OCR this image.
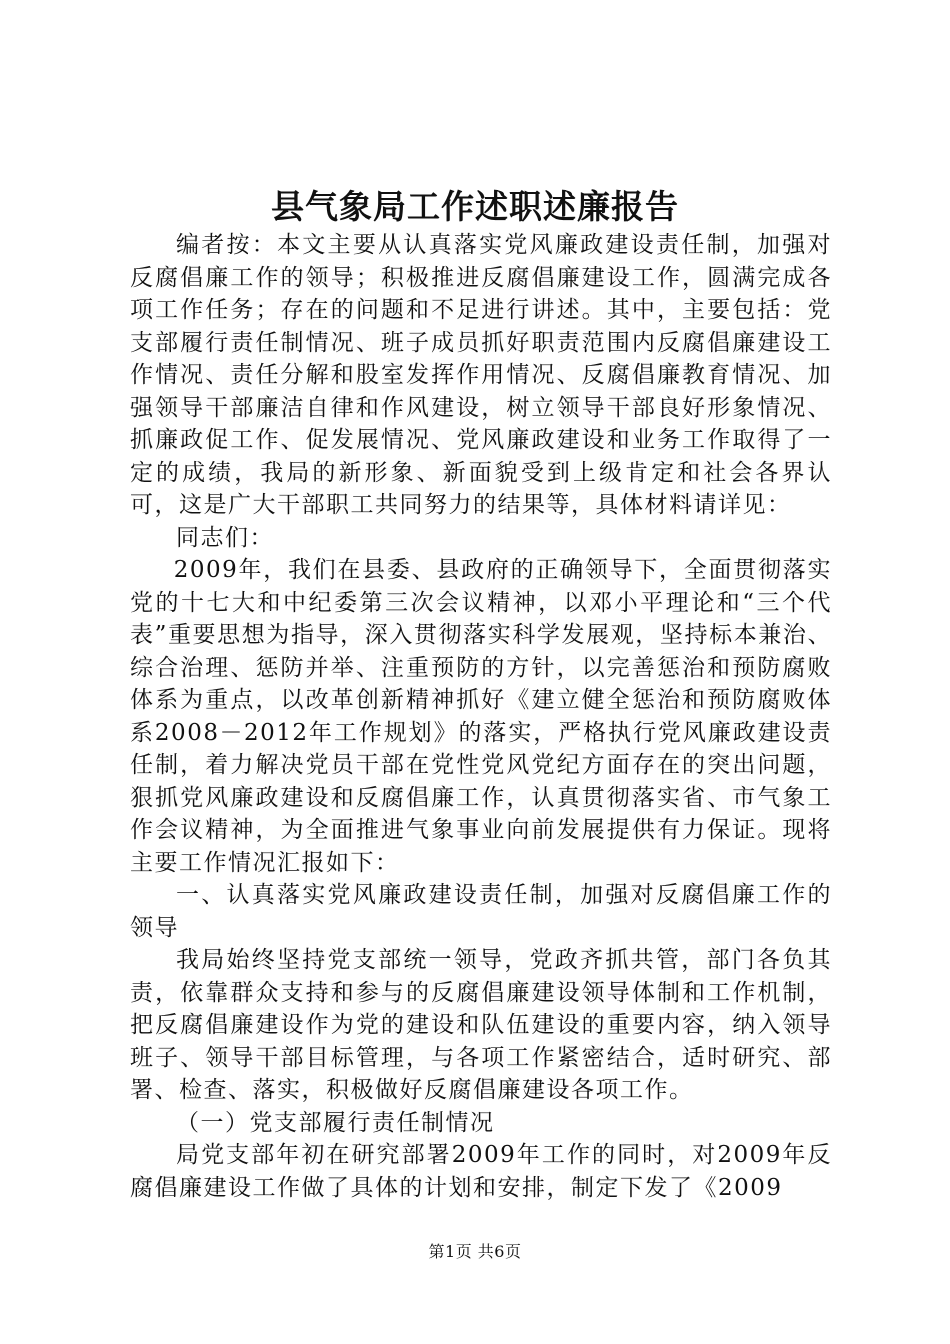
县气象局工作述职述廉报告

编者按：本文主要从认真落实党风廉政建设责任制，加强对反腐倡廉工作的领导；积极推进反腐倡廉建设工作，圆满完成各项工作任务；存在的问题和不足进行讲述。其中，主要包括：党支部履行责任制情况、班子成员抓好职责范围内反腐倡廉建设工作情况、责任分解和股室发挥作用情况、反腐倡廉教育情况、加强领导干部廉洁自律和作风建设，树立领导干部良好形象情况、抓廉政促工作、促发展情况、党风廉政建设和业务工作取得了一定的成绩，我局的新形象、新面貌受到上级肯定和社会各界认可，这是广大干部职工共同努力的结果等，具体材料请详见：

同志们：

2009年，我们在县委、县政府的正确领导下，全面贯彻落实党的十七大和中纪委第三次会议精神，以邓小平理论和“三个代表”重要思想为指导，深入贯彻落实科学发展观，坚持标本兼治、综合治理、惩防并举、注重预防的方针，以完善惩治和预防腐败体系为重点，以改革创新精神抓好《建立健全惩治和预防腐败体系2008－2012年工作规划》的落实，严格执行党风廉政建设责任制，着力解决党员干部在党性党风党纪方面存在的突出问题，狠抓党风廉政建设和反腐倡廉工作，认真贯彻落实省、市气象工作会议精神，为全面推进气象事业向前发展提供有力保证。现将主要工作情况汇报如下：

一、认真落实党风廉政建设责任制，加强对反腐倡廉工作的领导

我局始终坚持党支部统一领导，党政齐抓共管，部门各负其责，依靠群众支持和参与的反腐倡廉建设领导体制和工作机制，把反腐倡廉建设作为党的建设和队伍建设的重要内容，纳入领导班子、领导干部目标管理，与各项工作紧密结合，适时研究、部署、检查、落实，积极做好反腐倡廉建设各项工作。

（一）党支部履行责任制情况

局党支部年初在研究部署2009年工作的同时，对2009年反腐倡廉建设工作做了具体的计划和安排，制定下发了《2009

第1页 共6页
